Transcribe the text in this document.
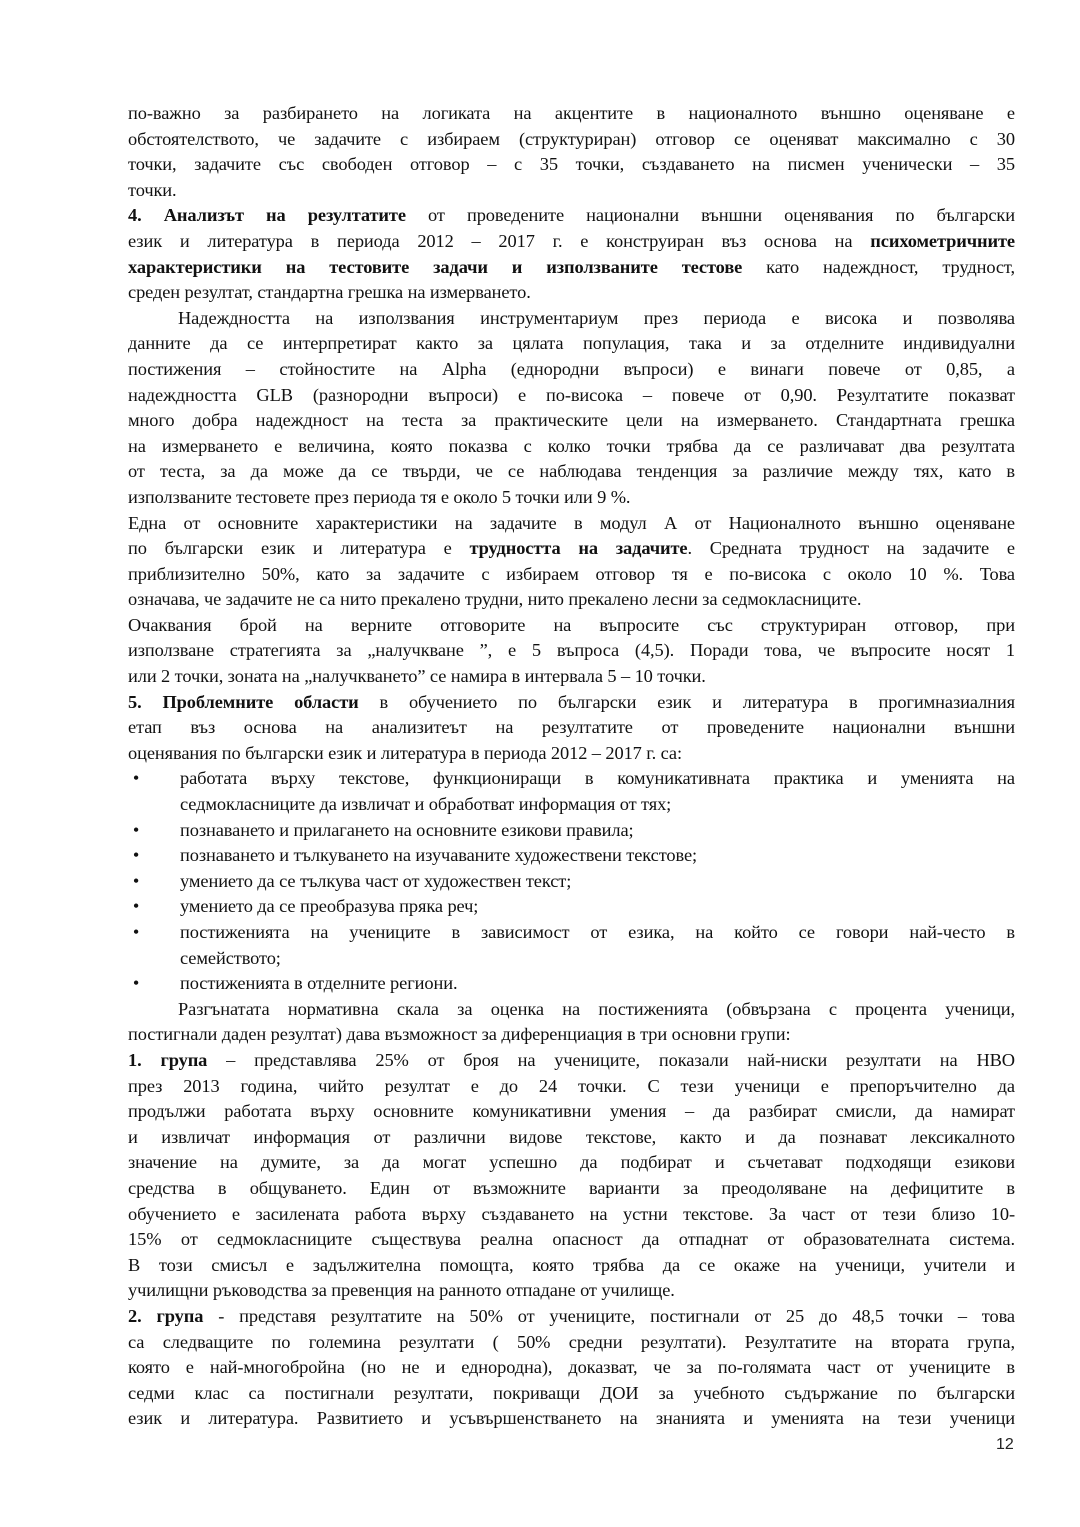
по-важно за разбирането на логиката на акцентите в националното външно оценяване е
обстоятелството, че задачите с избираем (структуриран) отговор се оценяват максимално с 30
точки, задачите със свободен отговор – с 35 точки, създаването на писмен ученически – 35
точки.
4. Анализът на резултатите от проведените национални външни оценявания по български
език и литература в периода 2012 – 2017 г. е конструиран въз основа на психометричните
характеристики на тестовите задачи и използваните тестове като надеждност, трудност,
среден резултат, стандартна грешка на измерването.
Надеждността на използвания инструментариум през периода е висока и позволява
данните да се интерпретират както за цялата популация, така и за отделните индивидуални
постижения – стойностите на Alpha (еднородни въпроси) е винаги повече от 0,85, а
надеждността GLB (разнородни въпроси) е по-висока – повече от 0,90. Резултатите показват
много добра надеждност на теста за практическите цели на измерването. Стандартната грешка
на измерването е величина, която показва с колко точки трябва да се различават два резултата
от теста, за да може да се твърди, че се наблюдава тенденция за различие между тях, като в
използваните тестовете през периода тя е около 5 точки или 9 %.
Една от основните характеристики на задачите в модул А от Националното външно оценяване
по български език и литература е трудността на задачите. Средната трудност на задачите е
приблизително 50%, като за задачите с избираем отговор тя е по-висока с около 10 %. Това
означава, че задачите не са нито прекалено трудни, нито прекалено лесни за седмокласниците.
Очаквания брой на верните отговорите на въпросите със структуриран отговор, при
използване стратегията за „налучкване ”, е 5 въпроса (4,5). Поради това, че въпросите носят 1
или 2 точки, зоната на „налучкването” се намира в интервала 5 – 10 точки.
5. Проблемните области в обучението по български език и литература в прогимназиалния
етап въз основа на анализитеът на резултатите от проведените национални външни
оценявания по български език и литература в периода 2012 – 2017 г. са:
• работата върху текстове, функциониращи в комуникативната практика и уменията на
седмокласниците да извличат и обработват информация от тях;
• познаването и прилагането на основните езикови правила;
• познаването и тълкуването на изучаваните художествени текстове;
• умението да се тълкува част от художествен текст;
• умението да се преобразува пряка реч;
• постиженията на учениците в зависимост от езика, на който се говори най-често в
семейството;
• постиженията в отделните региони.
Разгънатата нормативна скала за оценка на постиженията (обвързана с процента ученици,
постигнали даден резултат) дава възможност за диференциация в три основни групи:
1. група – представлява 25% от броя на учениците, показали най-ниски резултати на НВО
през 2013 година, чийто резултат е до 24 точки. С тези ученици е препоръчително да
продължи работата върху основните комуникативни умения – да разбират смисли, да намират
и извличат информация от различни видове текстове, както и да познават лексикалното
значение на думите, за да могат успешно да подбират и съчетават подходящи езикови
средства в общуването. Един от възможните варианти за преодоляване на дефицитите в
обучението е засилената работа върху създаването на устни текстове. За част от тези близо 10-
15% от седмокласниците съществува реална опасност да отпаднат от образователната система.
В този смисъл е задължителна помощта, която трябва да се окаже на ученици, учители и
училищни ръководства за превенция на ранното отпадане от училище.
2. група - представя резултатите на 50% от учениците, постигнали от 25 до 48,5 точки – това
са следващите по големина резултати ( 50% средни резултати). Резултатите на втората група,
която е най-многобройна (но не и еднородна), доказват, че за по-голямата част от учениците в
седми клас са постигнали резултати, покриващи ДОИ за учебното съдържание по български
език и литература. Развитието и усъвършенстването на знанията и уменията на тези ученици
12
